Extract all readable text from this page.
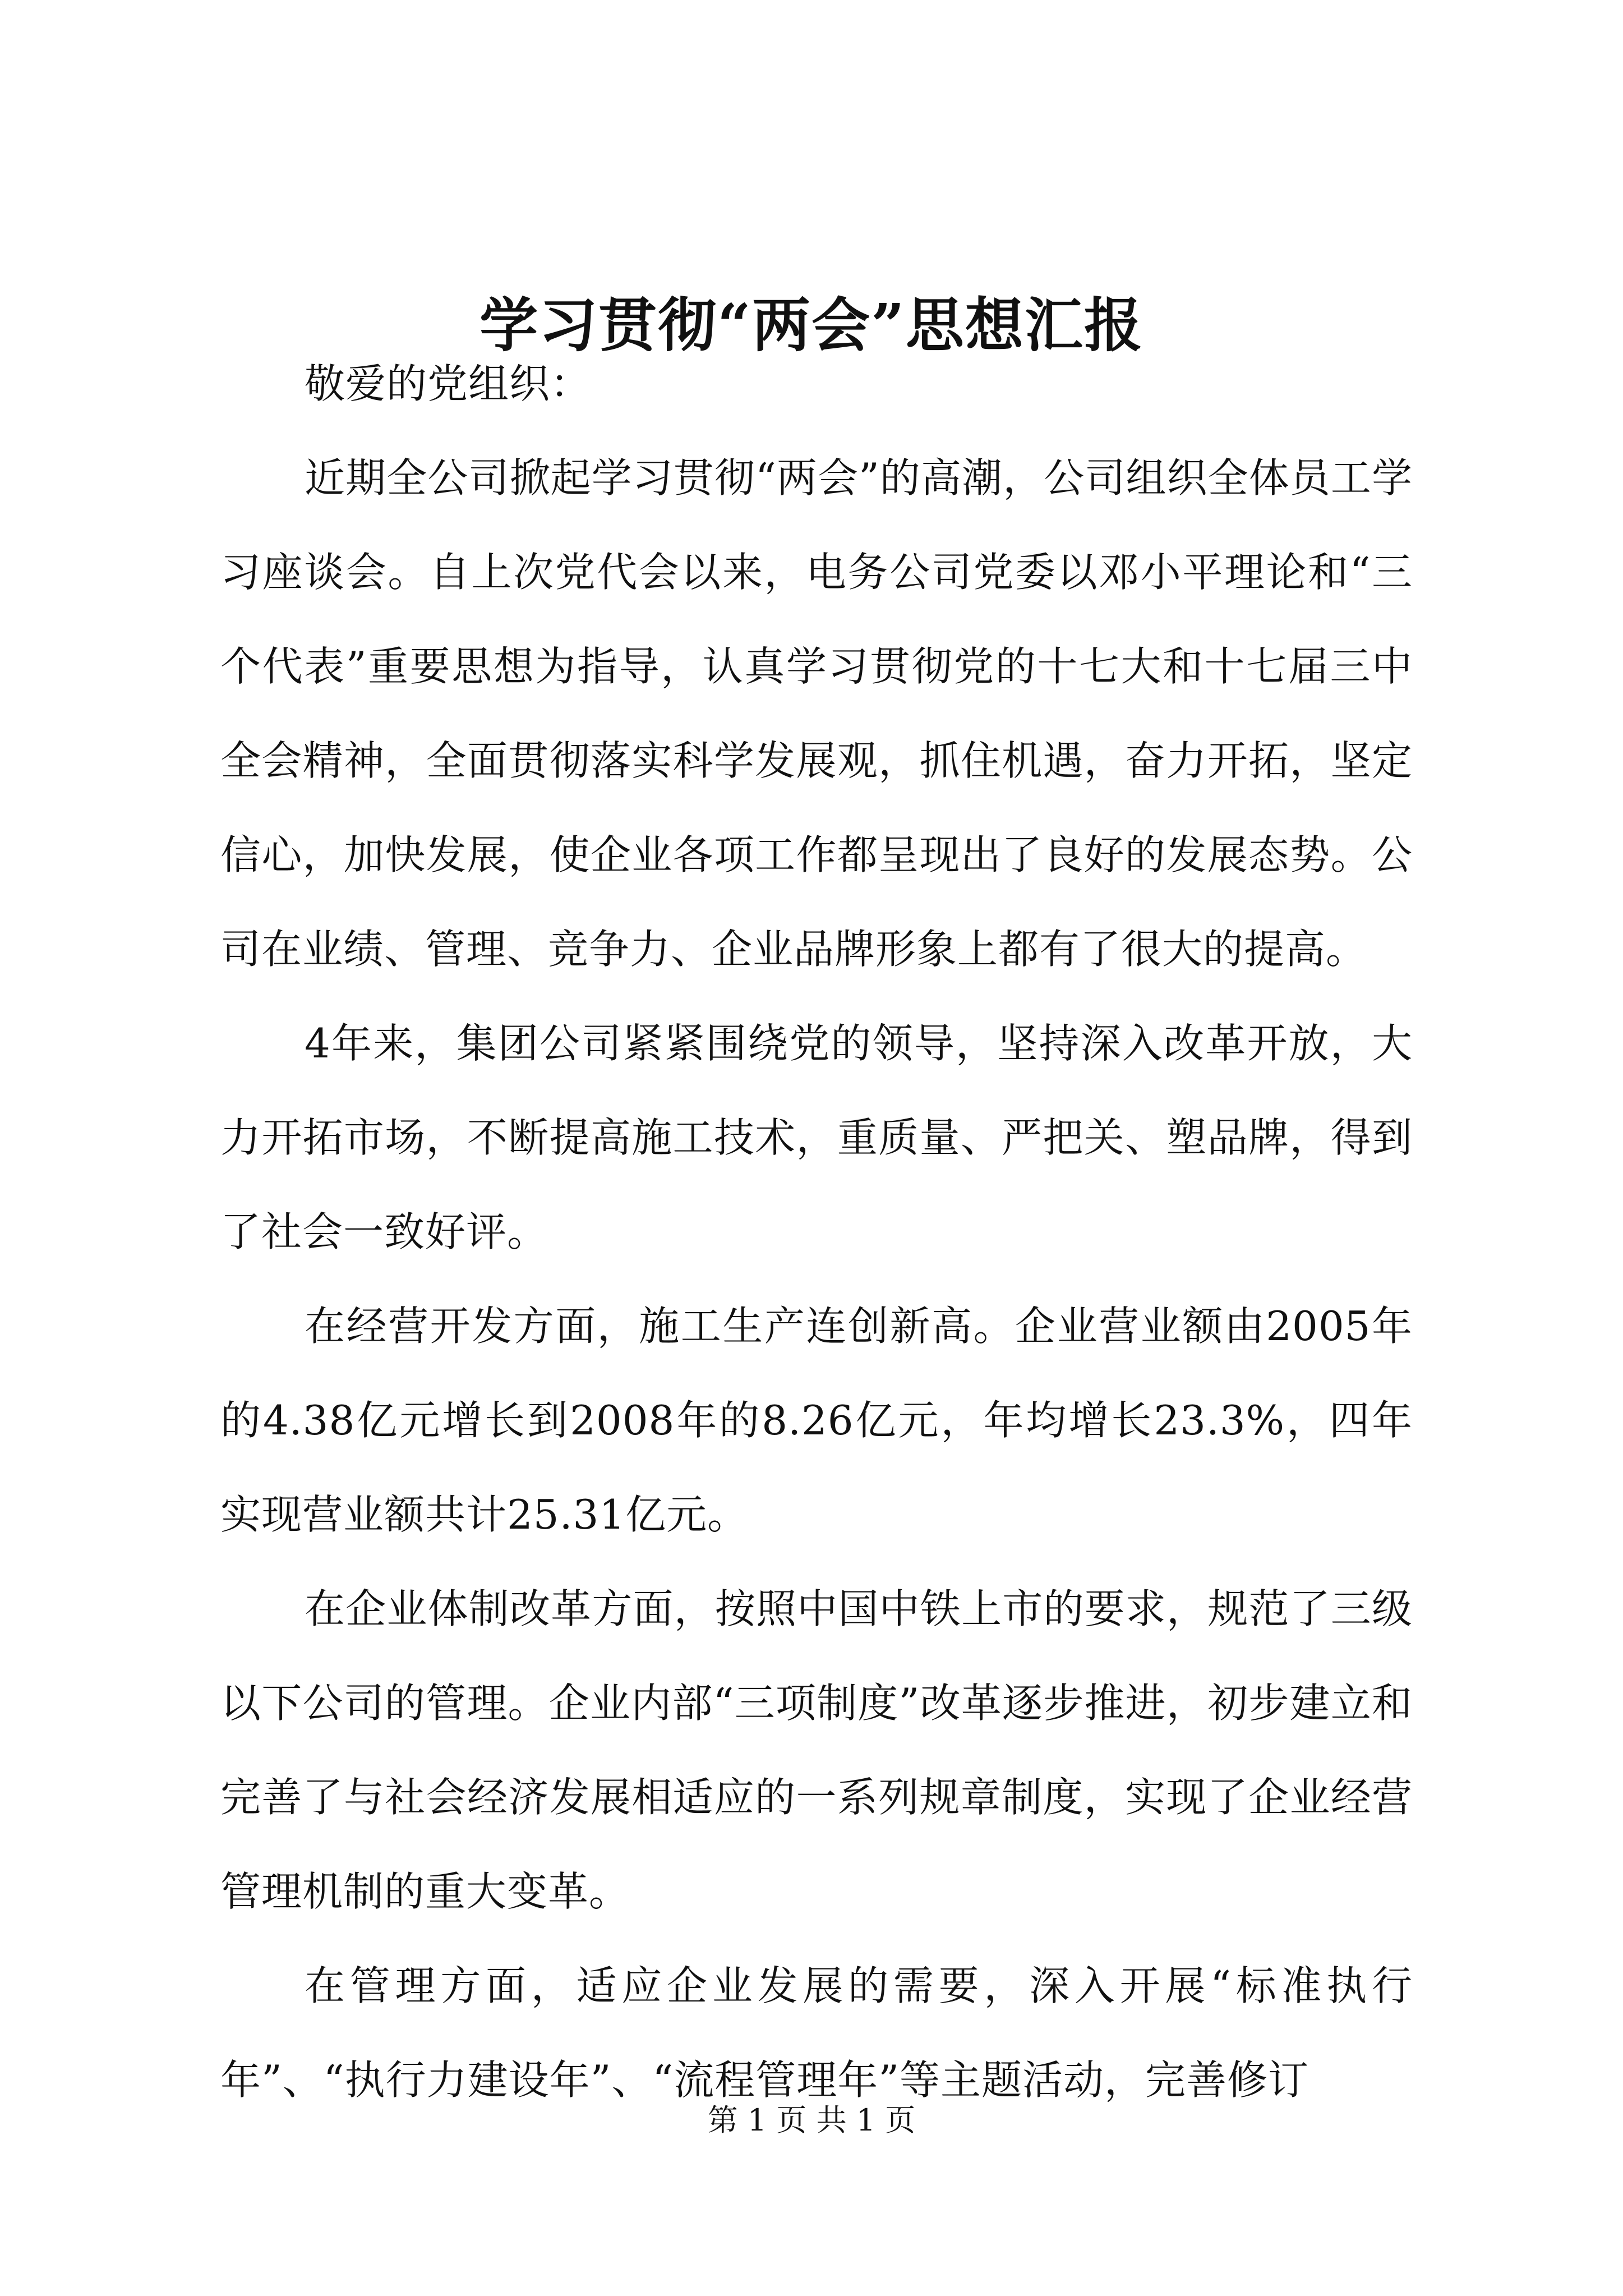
学习贯彻“两会”思想汇报

敬爱的党组织：

近期全公司掀起学习贯彻“两会”的高潮，公司组织全体员工学习座谈会。自上次党代会以来，电务公司党委以邓小平理论和“三个代表”重要思想为指导，认真学习贯彻党的十七大和十七届三中全会精神，全面贯彻落实科学发展观，抓住机遇，奋力开拓，坚定信心，加快发展，使企业各项工作都呈现出了良好的发展态势。公司在业绩、管理、竞争力、企业品牌形象上都有了很大的提高。

4年来，集团公司紧紧围绕党的领导，坚持深入改革开放，大力开拓市场，不断提高施工技术，重质量、严把关、塑品牌，得到了社会一致好评。

在经营开发方面，施工生产连创新高。企业营业额由2005年的4.38亿元增长到2008年的8.26亿元，年均增长23.3%，四年实现营业额共计25.31亿元。

在企业体制改革方面，按照中国中铁上市的要求，规范了三级以下公司的管理。企业内部“三项制度”改革逐步推进，初步建立和完善了与社会经济发展相适应的一系列规章制度，实现了企业经营管理机制的重大变革。

在管理方面，适应企业发展的需要，深入开展“标准执行年”、“执行力建设年”、“流程管理年”等主题活动，完善修订

第 1 页 共 1 页
